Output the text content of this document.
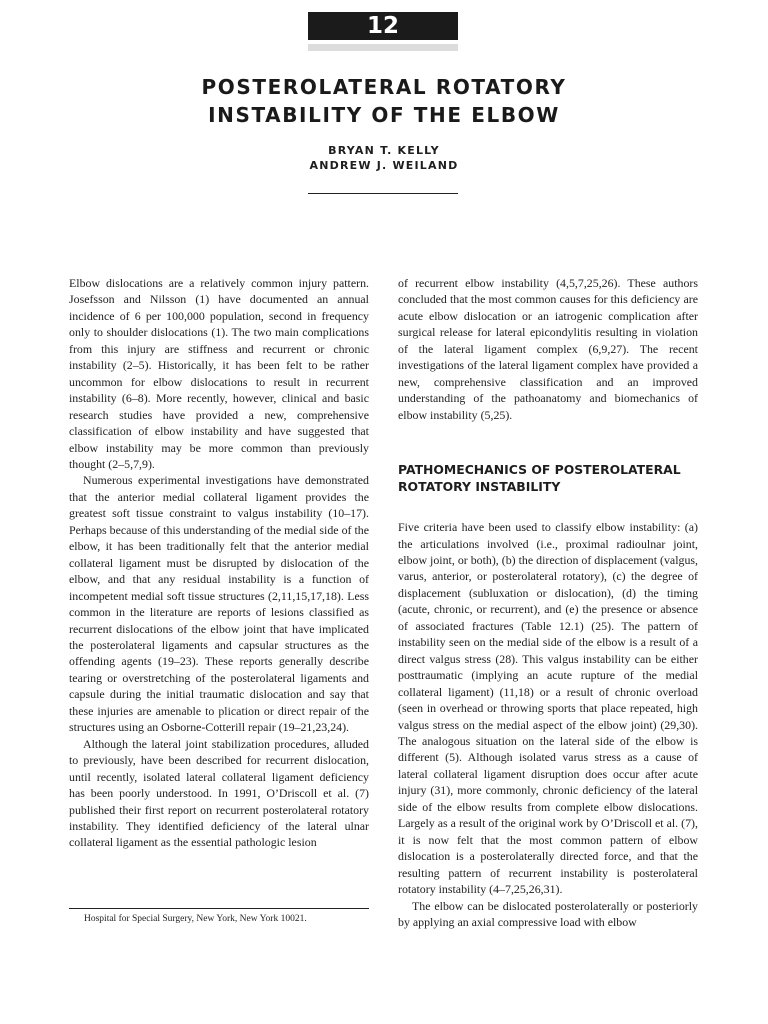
12
POSTEROLATERAL ROTATORY
INSTABILITY OF THE ELBOW
BRYAN T. KELLY
ANDREW J. WEILAND

Elbow dislocations are a relatively common injury pattern. Josefsson and Nilsson (1) have documented an annual incidence of 6 per 100,000 population, second in frequency only to shoulder dislocations (1). The two main complications from this injury are stiffness and recurrent or chronic instability (2–5). Historically, it has been felt to be rather uncommon for elbow dislocations to result in recurrent instability (6–8). More recently, however, clinical and basic research studies have provided a new, comprehensive classification of elbow instability and have suggested that elbow instability may be more common than previously thought (2–5,7,9).

Numerous experimental investigations have demonstrated that the anterior medial collateral ligament provides the greatest soft tissue constraint to valgus instability (10–17). Perhaps because of this understanding of the medial side of the elbow, it has been traditionally felt that the anterior medial collateral ligament must be disrupted by dislocation of the elbow, and that any residual instability is a function of incompetent medial soft tissue structures (2,11,15,17,18). Less common in the literature are reports of lesions classified as recurrent dislocations of the elbow joint that have implicated the posterolateral ligaments and capsular structures as the offending agents (19–23). These reports generally describe tearing or overstretching of the posterolateral ligaments and capsule during the initial traumatic dislocation and say that these injuries are amenable to plication or direct repair of the structures using an Osborne-Cotterill repair (19–21,23,24).

Although the lateral joint stabilization procedures, alluded to previously, have been described for recurrent dislocation, until recently, isolated lateral collateral ligament deficiency has been poorly understood. In 1991, O’Driscoll et al. (7) published their first report on recurrent posterolateral rotatory instability. They identified deficiency of the lateral ulnar collateral ligament as the essential pathologic lesion

of recurrent elbow instability (4,5,7,25,26). These authors concluded that the most common causes for this deficiency are acute elbow dislocation or an iatrogenic complication after surgical release for lateral epicondylitis resulting in violation of the lateral ligament complex (6,9,27). The recent investigations of the lateral ligament complex have provided a new, comprehensive classification and an improved understanding of the pathoanatomy and biomechanics of elbow instability (5,25).

PATHOMECHANICS OF POSTEROLATERAL
ROTATORY INSTABILITY

Five criteria have been used to classify elbow instability: (a) the articulations involved (i.e., proximal radioulnar joint, elbow joint, or both), (b) the direction of displacement (valgus, varus, anterior, or posterolateral rotatory), (c) the degree of displacement (subluxation or dislocation), (d) the timing (acute, chronic, or recurrent), and (e) the presence or absence of associated fractures (Table 12.1) (25). The pattern of instability seen on the medial side of the elbow is a result of a direct valgus stress (28). This valgus instability can be either posttraumatic (implying an acute rupture of the medial collateral ligament) (11,18) or a result of chronic overload (seen in overhead or throwing sports that place repeated, high valgus stress on the medial aspect of the elbow joint) (29,30). The analogous situation on the lateral side of the elbow is different (5). Although isolated varus stress as a cause of lateral collateral ligament disruption does occur after acute injury (31), more commonly, chronic deficiency of the lateral side of the elbow results from complete elbow dislocations. Largely as a result of the original work by O’Driscoll et al. (7), it is now felt that the most common pattern of elbow dislocation is a posterolaterally directed force, and that the resulting pattern of recurrent instability is posterolateral rotatory instability (4–7,25,26,31).

The elbow can be dislocated posterolaterally or posteriorly by applying an axial compressive load with elbow

Hospital for Special Surgery, New York, New York 10021.
